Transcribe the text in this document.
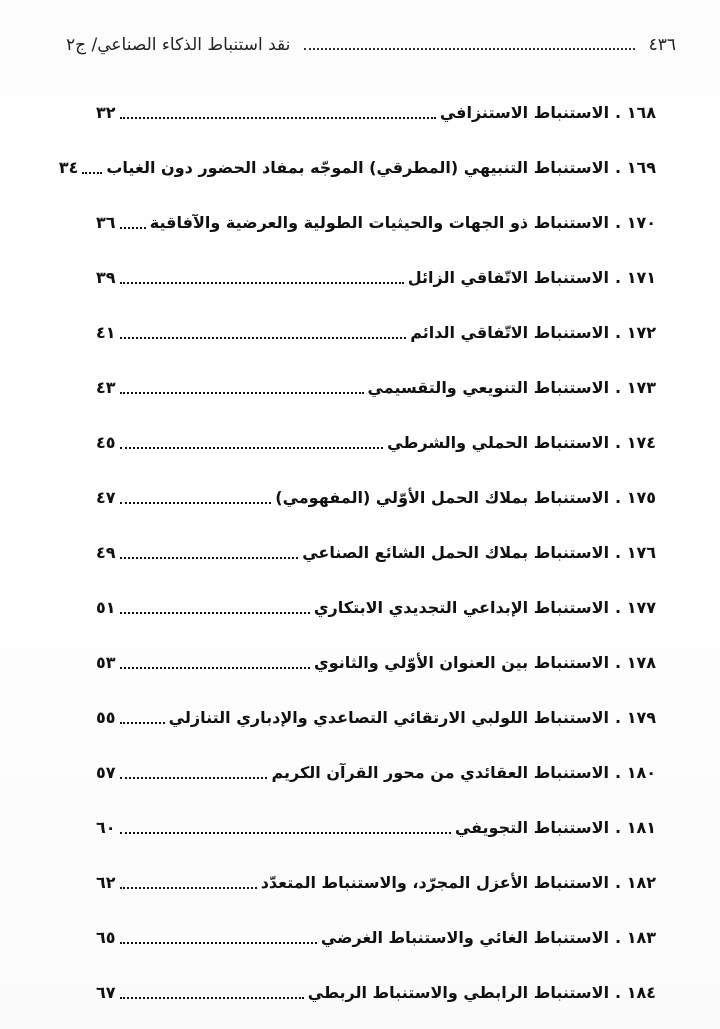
٤٣٦
نقد استنباط الذكاء الصناعي/ ج٢
١٦٨ .
الاستنباط الاستنزافي
٣٢
١٦٩ .
الاستنباط التنبيهي (المطرقي) الموجّه بمفاد الحضور دون الغياب
٣٤
١٧٠ .
الاستنباط ذو الجهات والحيثيات الطولية والعرضية والآفاقية
٣٦
١٧١ .
الاستنباط الاتّفاقي الزائل
٣٩
١٧٢ .
الاستنباط الاتّفاقي الدائم
٤١
١٧٣ .
الاستنباط التنويعي والتقسيمي
٤٣
١٧٤ .
الاستنباط الحملي والشرطي
٤٥
١٧٥ .
الاستنباط بملاك الحمل الأوّلي (المفهومي)
٤٧
١٧٦ .
الاستنباط بملاك الحمل الشائع الصناعي
٤٩
١٧٧ .
الاستنباط الإبداعي التجديدي الابتكاري
٥١
١٧٨ .
الاستنباط بين العنوان الأوّلي والثانوي
٥٣
١٧٩ .
الاستنباط اللولبي الارتقائي التصاعدي والإدباري التنازلي
٥٥
١٨٠ .
الاستنباط العقائدي من محور القرآن الكريم
٥٧
١٨١ .
الاستنباط التجويفي
٦٠
١٨٢ .
الاستنباط الأعزل المجرّد، والاستنباط المتعدّد
٦٢
١٨٣ .
الاستنباط الغائي والاستنباط الغرضي
٦٥
١٨٤ .
الاستنباط الرابطي والاستنباط الربطي
٦٧
